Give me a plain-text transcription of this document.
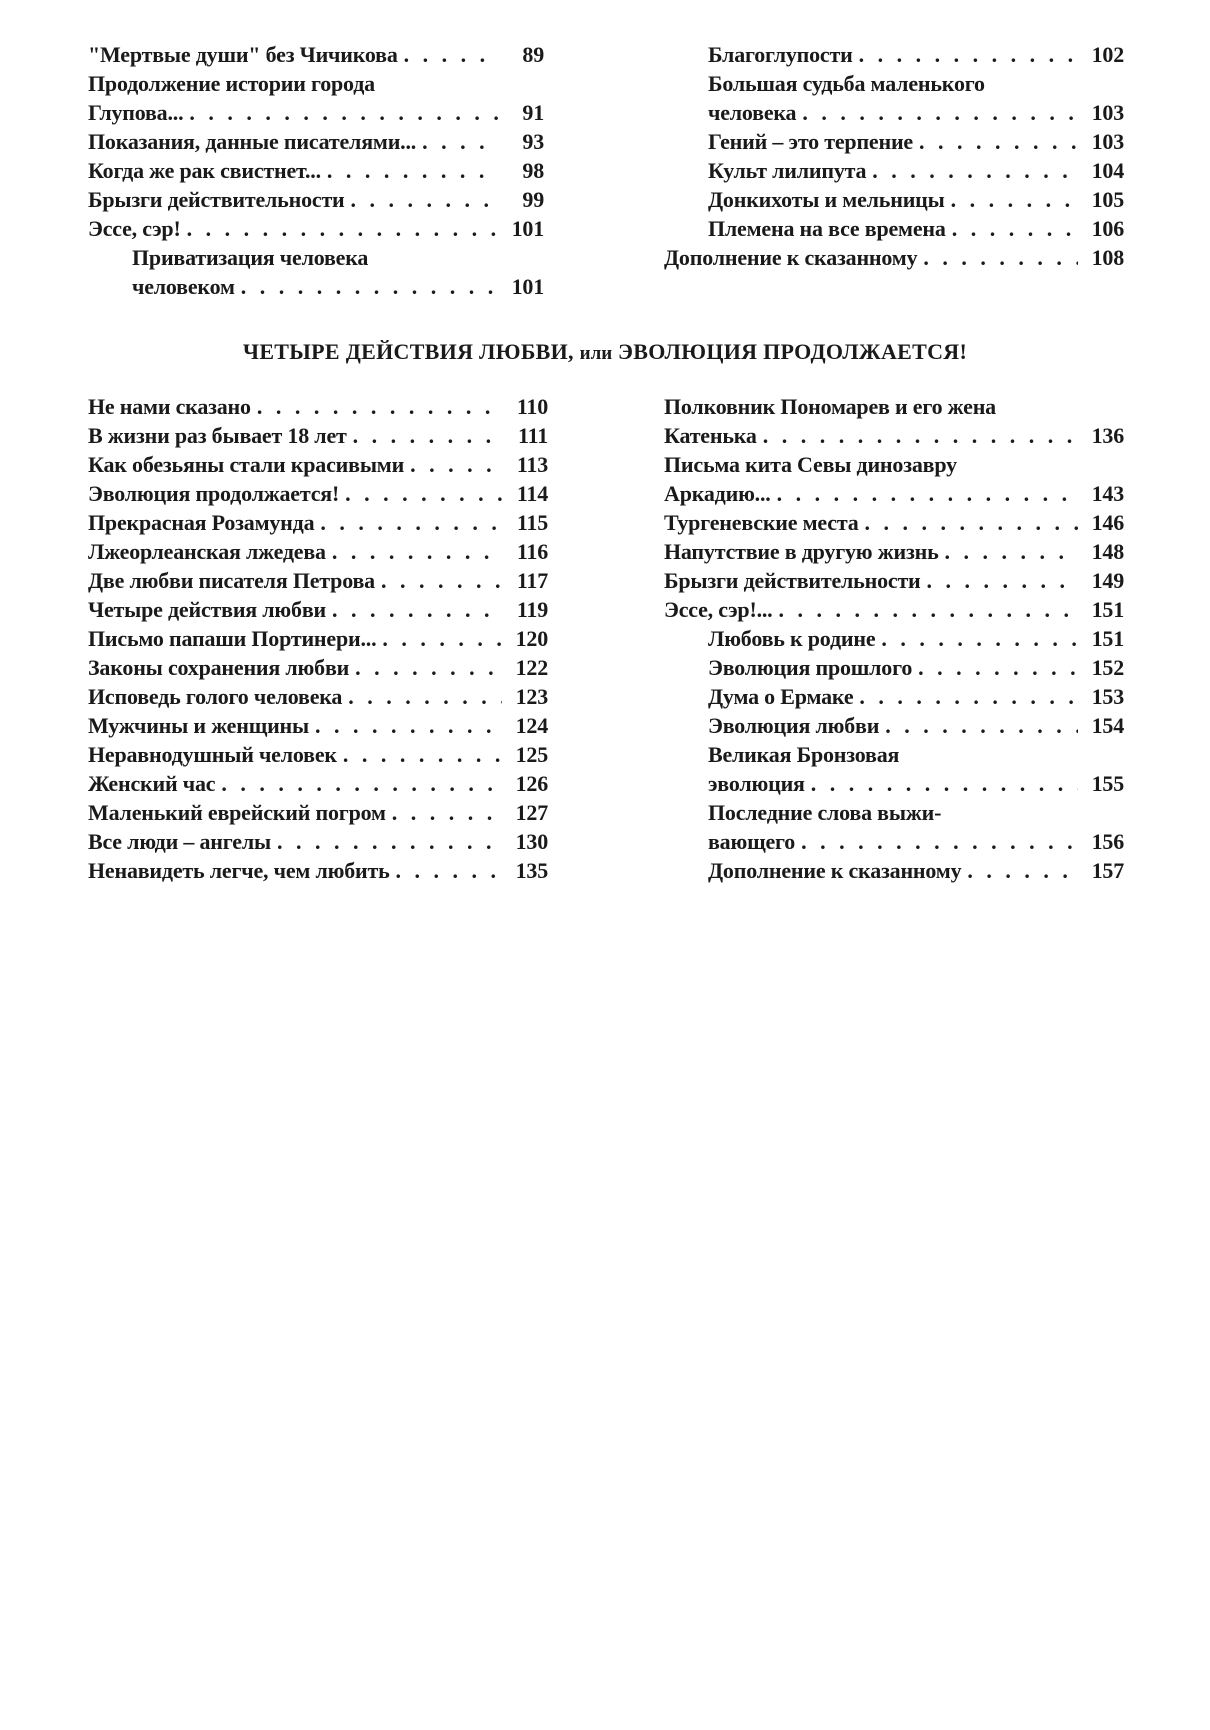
"Мертвые души" без Чичикова . . .	89
Продолжение истории города
Глупова... . . .	91
Показания, данные писателями... . . .	93
Когда же рак свистнет... . . .	98
Брызги действительности . . .	99
Эссе, сэр! . . .	101
Приватизация человека
человеком . . .	101
Благоглупости . . .	102
Большая судьба маленького
человека . . .	103
Гений – это терпение . . .	103
Культ лилипута . . .	104
Донкихоты и мельницы . . .	105
Племена на все времена . . .	106
Дополнение к сказанному . . .	108
ЧЕТЫРЕ ДЕЙСТВИЯ ЛЮБВИ, или ЭВОЛЮЦИЯ ПРОДОЛЖАЕТСЯ!
Не нами сказано . . .	110
В жизни раз бывает 18 лет . . .	111
Как обезьяны стали красивыми . . .	113
Эволюция продолжается! . . .	114
Прекрасная Розамунда . . .	115
Лжеорлеанская лжедева . . .	116
Две любви писателя Петрова . . .	117
Четыре действия любви . . .	119
Письмо папаши Портинери... . . .	120
Законы сохранения любви . . .	122
Исповедь голого человека . . .	123
Мужчины и женщины . . .	124
Неравнодушный человек . . .	125
Женский час . . .	126
Маленький еврейский погром . . .	127
Все люди – ангелы . . .	130
Ненавидеть легче, чем любить . . .	135
Полковник Пономарев и его жена
Катенька . . .	136
Письма кита Севы динозавру
Аркадию... . . .	143
Тургеневские места . . .	146
Напутствие в другую жизнь . . .	148
Брызги действительности . . .	149
Эссе, сэр!... . . .	151
Любовь к родине . . .	151
Эволюция прошлого . . .	152
Дума о Ермаке . . .	153
Эволюция любви . . .	154
Великая Бронзовая
эволюция . . .	155
Последние слова выжи-
вающего . . .	156
Дополнение к сказанному . . .	157
